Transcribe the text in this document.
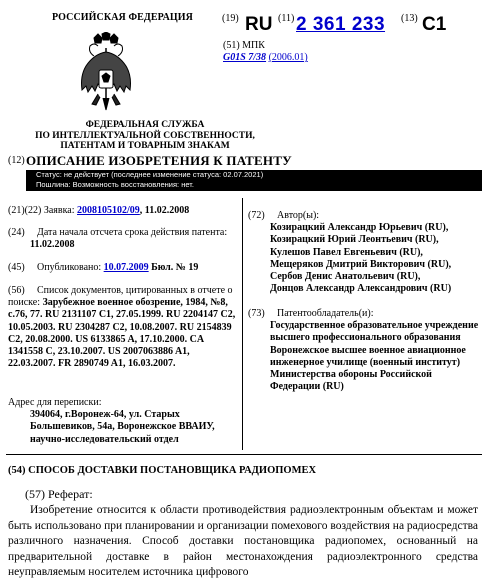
РОССИЙСКАЯ ФЕДЕРАЦИЯ	(19) RU (11) 2 361 233 (13) C1
(51) МПК
G01S 7/38 (2006.01)
ФЕДЕРАЛЬНАЯ СЛУЖБА
ПО ИНТЕЛЛЕКТУАЛЬНОЙ СОБСТВЕННОСТИ,
ПАТЕНТАМ И ТОВАРНЫМ ЗНАКАМ
(12) ОПИСАНИЕ ИЗОБРЕТЕНИЯ К ПАТЕНТУ
Статус: не действует (последнее изменение статуса: 02.07.2021)
Пошлина: Возможность восстановления: нет.
(21)(22) Заявка: 2008105102/09, 11.02.2008
(24) Дата начала отсчета срока действия патента:
11.02.2008
(45) Опубликовано: 10.07.2009 Бюл. № 19
(56) Список документов, цитированных в отчете о поиске: Зарубежное военное обозрение, 1984, №8, с.76, 77. RU 2131107 C1, 27.05.1999. RU 2204147 C2, 10.05.2003. RU 2304287 C2, 10.08.2007. RU 2154839 C2, 20.08.2000. US 6133865 A, 17.10.2000. CA 1341558 C, 23.10.2007. US 2007063886 A1, 22.03.2007. FR 2890749 A1, 16.03.2007.
Адрес для переписки:
394064, г.Воронеж-64, ул. Старых Большевиков, 54а, Воронежское ВВАИУ, научно-исследовательский отдел
(72) Автор(ы):
Козирацкий Александр Юрьевич (RU),
Козирацкий Юрий Леонтьевич (RU),
Кулешов Павел Евгеньевич (RU),
Мещеряков Дмитрий Викторович (RU),
Сербов Денис Анатольевич (RU),
Донцов Александр Александрович (RU)
(73) Патентообладатель(и):
Государственное образовательное учреждение высшего профессионального образования Воронежское высшее военное авиационное инженерное училище (военный институт) Министерства обороны Российской Федерации (RU)
(54) СПОСОБ ДОСТАВКИ ПОСТАНОВЩИКА РАДИОПОМЕХ
(57) Реферат:
Изобретение относится к области противодействия радиоэлектронным объектам и может быть использовано при планировании и организации помехового воздействия на радиосредства различного назначения. Способ доставки постановщика радиопомех, основанный на предварительной доставке в район местонахождения радиоэлектронного средства неуправляемым носителем источника цифрового
